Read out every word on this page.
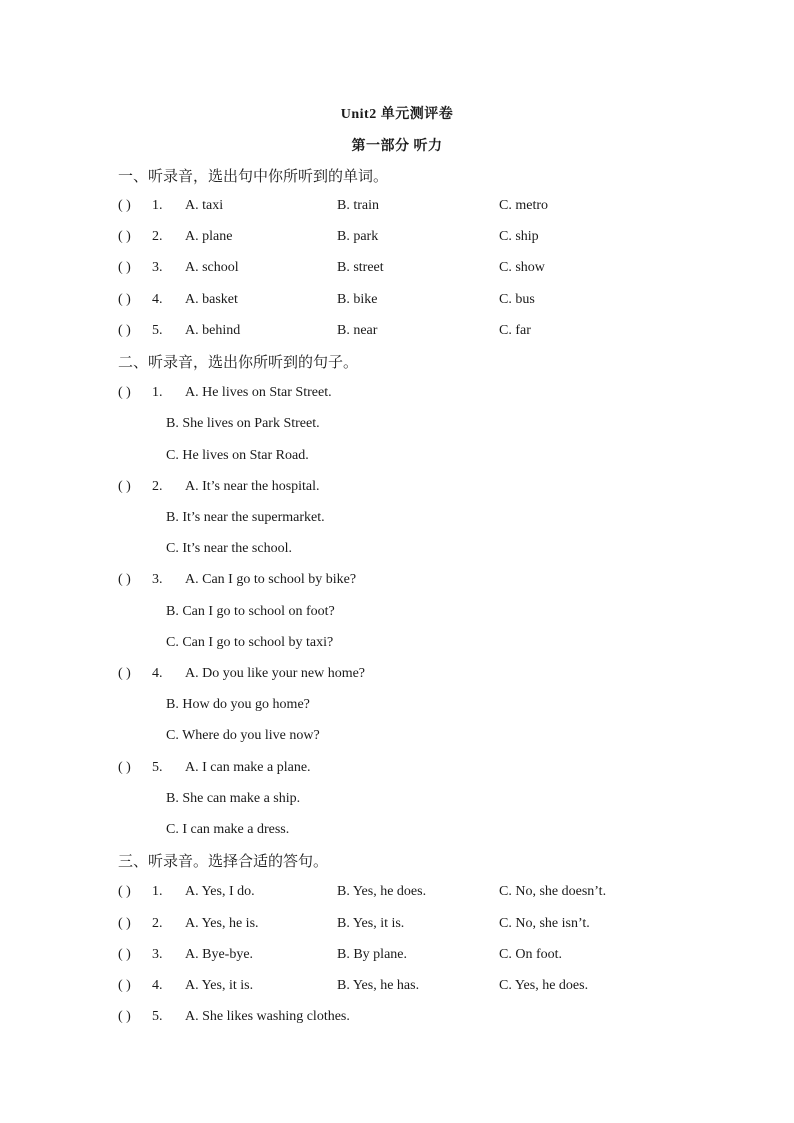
Unit2 单元测评卷
第一部分 听力
一、听录音，选出句中你所听到的单词。
( ) 1. A. taxi	B. train	C. metro
( ) 2. A. plane	B. park	C. ship
( ) 3. A. school	B. street	C. show
( ) 4. A. basket	B. bike	C. bus
( ) 5. A. behind	B. near	C. far
二、听录音，选出你所听到的句子。
( ) 1. A. He lives on Star Street.
B. She lives on Park Street.
C. He lives on Star Road.
( ) 2. A. It’s near the hospital.
B. It’s near the supermarket.
C. It’s near the school.
( ) 3. A. Can I go to school by bike?
B. Can I go to school on foot?
C. Can I go to school by taxi?
( ) 4. A. Do you like your new home?
B. How do you go home?
C. Where do you live now?
( ) 5. A. I can make a plane.
B. She can make a ship.
C. I can make a dress.
三、听录音。选择合适的答句。
( ) 1. A. Yes, I do.	B. Yes, he does.	C. No, she doesn’t.
( ) 2. A. Yes, he is.	B. Yes, it is.	C. No, she isn’t.
( ) 3. A. Bye-bye.	B. By plane.	C. On foot.
( ) 4. A. Yes, it is.	B. Yes, he has.	C. Yes, he does.
( ) 5. A. She likes washing clothes.
